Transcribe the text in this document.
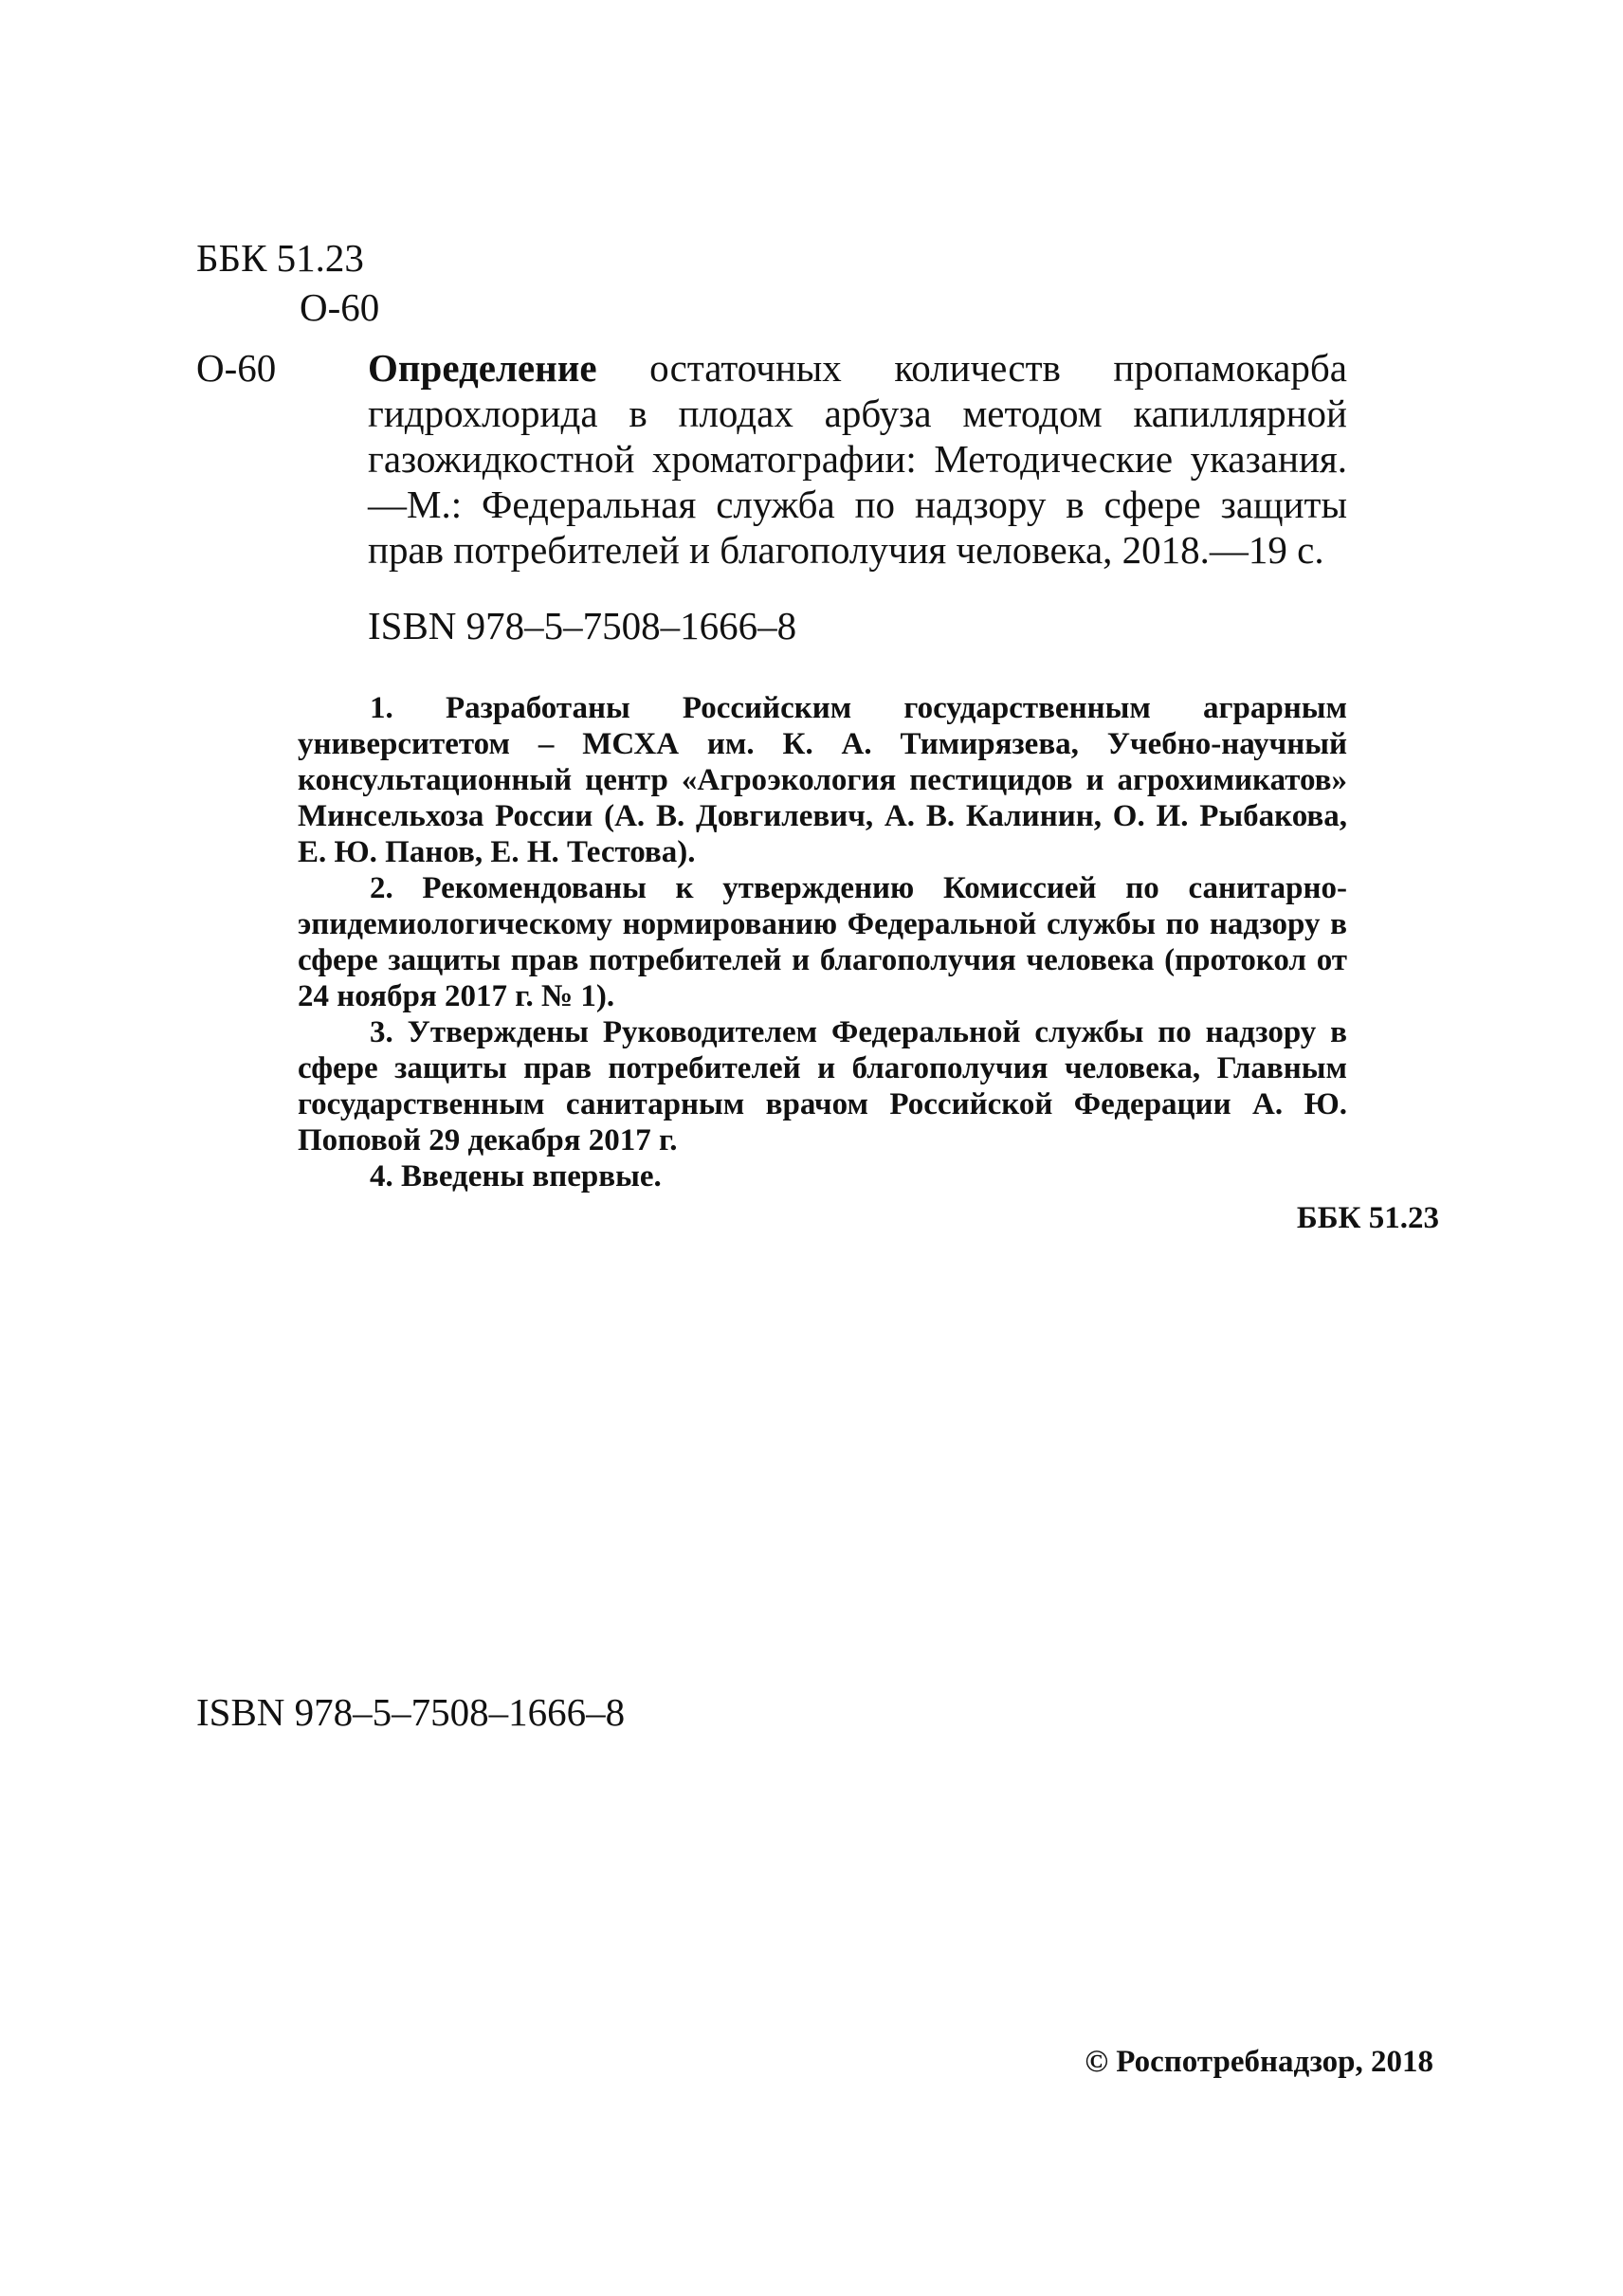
ББК 51.23
О-60
О-60 Определение остаточных количеств пропамокарба гидрохлорида в плодах арбуза методом капиллярной газожидкостной хроматографии: Методические указания.—М.: Федеральная служба по надзору в сфере защиты прав потребителей и благополучия человека, 2018.—19 с.
ISBN 978–5–7508–1666–8

1. Разработаны Российским государственным аграрным университетом – МСХА им. К. А. Тимирязева, Учебно-научный консультационный центр «Агроэкология пестицидов и агрохимикатов» Минсельхоза России (А. В. Довгилевич, А. В. Калинин, О. И. Рыбакова, Е. Ю. Панов, Е. Н. Тестова).

2. Рекомендованы к утверждению Комиссией по санитарно-эпидемиологическому нормированию Федеральной службы по надзору в сфере защиты прав потребителей и благополучия человека (протокол от 24 ноября 2017 г. № 1).

3. Утверждены Руководителем Федеральной службы по надзору в сфере защиты прав потребителей и благополучия человека, Главным государственным санитарным врачом Российской Федерации А. Ю. Поповой 29 декабря 2017 г.

4. Введены впервые.

ББК 51.23
ISBN 978–5–7508–1666–8
© Роспотребнадзор, 2018
